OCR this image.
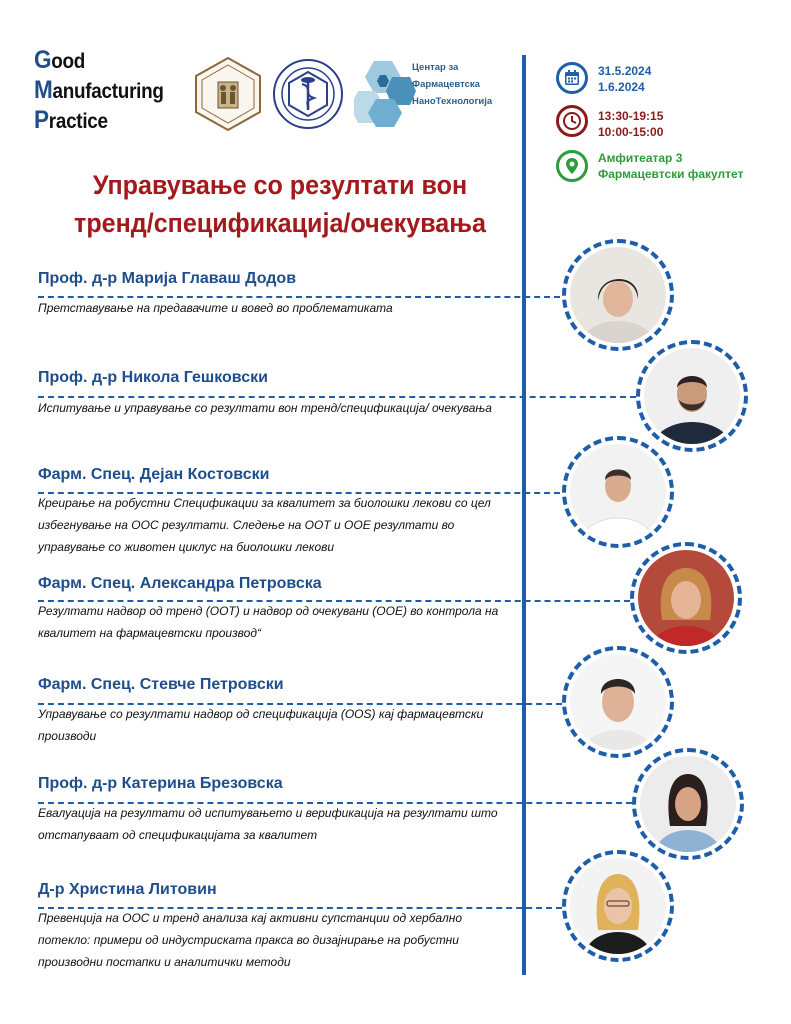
Good
Manufacturing
Practice
Центар за
Фармацевтска
НаноТехнологија
31.5.2024
1.6.2024
13:30-19:15
10:00-15:00
Амфитеатар 3
Фармацевтски факултет
Управување со резултати вон
тренд/спецификација/очекувања
Проф. д-р Марија Главаш Додов
Претставување на предавачите и вовед во проблематиката
Проф. д-р Никола Гешковски
Испитување и управување со резултати вон тренд/спецификација/ очекувања
Фарм. Спец. Дејан Костовски
Креирање на робустни Спецификации за квалитет за биолошки лекови со цел избегнување на ООС резултати. Следење на ООТ и ООЕ резултати во управување со животен циклус на биолошки лекови
Фарм. Спец. Александра Петровска
Резултати надвор од тренд (ООТ) и надвор од очекувани (ООЕ) во контрола на квалитет на фармацевтски производ“
Фарм. Спец. Стевче Петровски
Управување со резултати надвор од спецификација (OOS) кај фармацевтски производи
Проф. д-р Катерина Брезовска
Евалуација на резултати од испитувањето и верификација на резултати што отстапуваат од спецификацијата за квалитет
Д-р Христина Литовин
Превенција на ООС и тренд анализа кај активни супстанции од хербално потекло: примери од индустриската пракса во дизајнирање на робустни производни постапки и аналитички методи
